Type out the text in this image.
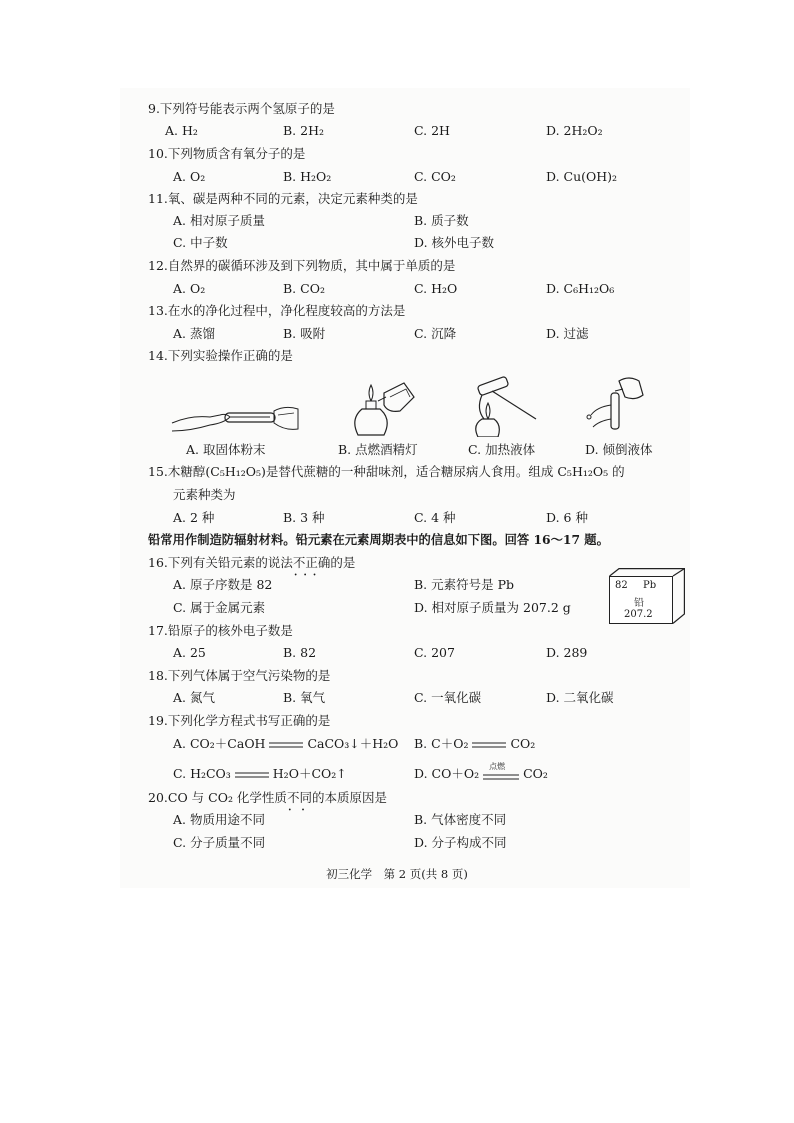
9.下列符号能表示两个氢原子的是
A. H₂	B. 2H₂	C. 2H	D. 2H₂O₂
10.下列物质含有氧分子的是
A. O₂	B. H₂O₂	C. CO₂	D. Cu(OH)₂
11.氧、碳是两种不同的元素，决定元素种类的是
A. 相对原子质量	B. 质子数
C. 中子数	D. 核外电子数
12.自然界的碳循环涉及到下列物质，其中属于单质的是
A. O₂	B. CO₂	C. H₂O	D. C₆H₁₂O₆
13.在水的净化过程中，净化程度较高的方法是
A. 蒸馏	B. 吸附	C. 沉降	D. 过滤
14.下列实验操作正确的是
A. 取固体粉末	B. 点燃酒精灯	C. 加热液体	D. 倾倒液体
15.木糖醇(C₅H₁₂O₅)是替代蔗糖的一种甜味剂，适合糖尿病人食用。组成 C₅H₁₂O₅ 的
元素种类为
A. 2 种	B. 3 种	C. 4 种	D. 6 种
铅常用作制造防辐射材料。铅元素在元素周期表中的信息如下图。回答 16～17 题。
16.下列有关铅元素的说法不正确 • • •的是
A. 原子序数是 82	B. 元素符号是 Pb
C. 属于金属元素	D. 相对原子质量为 207.2 g
82 Pb
铅
207.2
17.铅原子的核外电子数是
A. 25	B. 82	C. 207	D. 289
18.下列气体属于空气污染物的是
A. 氮气	B. 氧气	C. 一氧化碳	D. 二氧化碳
19.下列化学方程式书写正确的是
A. CO₂＋CaOH	CaCO₃↓＋H₂O B. C＋O₂	CO₂
C. H₂CO₃	H₂O＋CO₂↑	D. CO＋O₂ 点燃 CO₂
20.CO 与 CO₂ 化学性质不同 •  •的本质原因是
A. 物质用途不同	B. 气体密度不同
C. 分子质量不同	D. 分子构成不同
初三化学　第 2 页(共 8 页)
